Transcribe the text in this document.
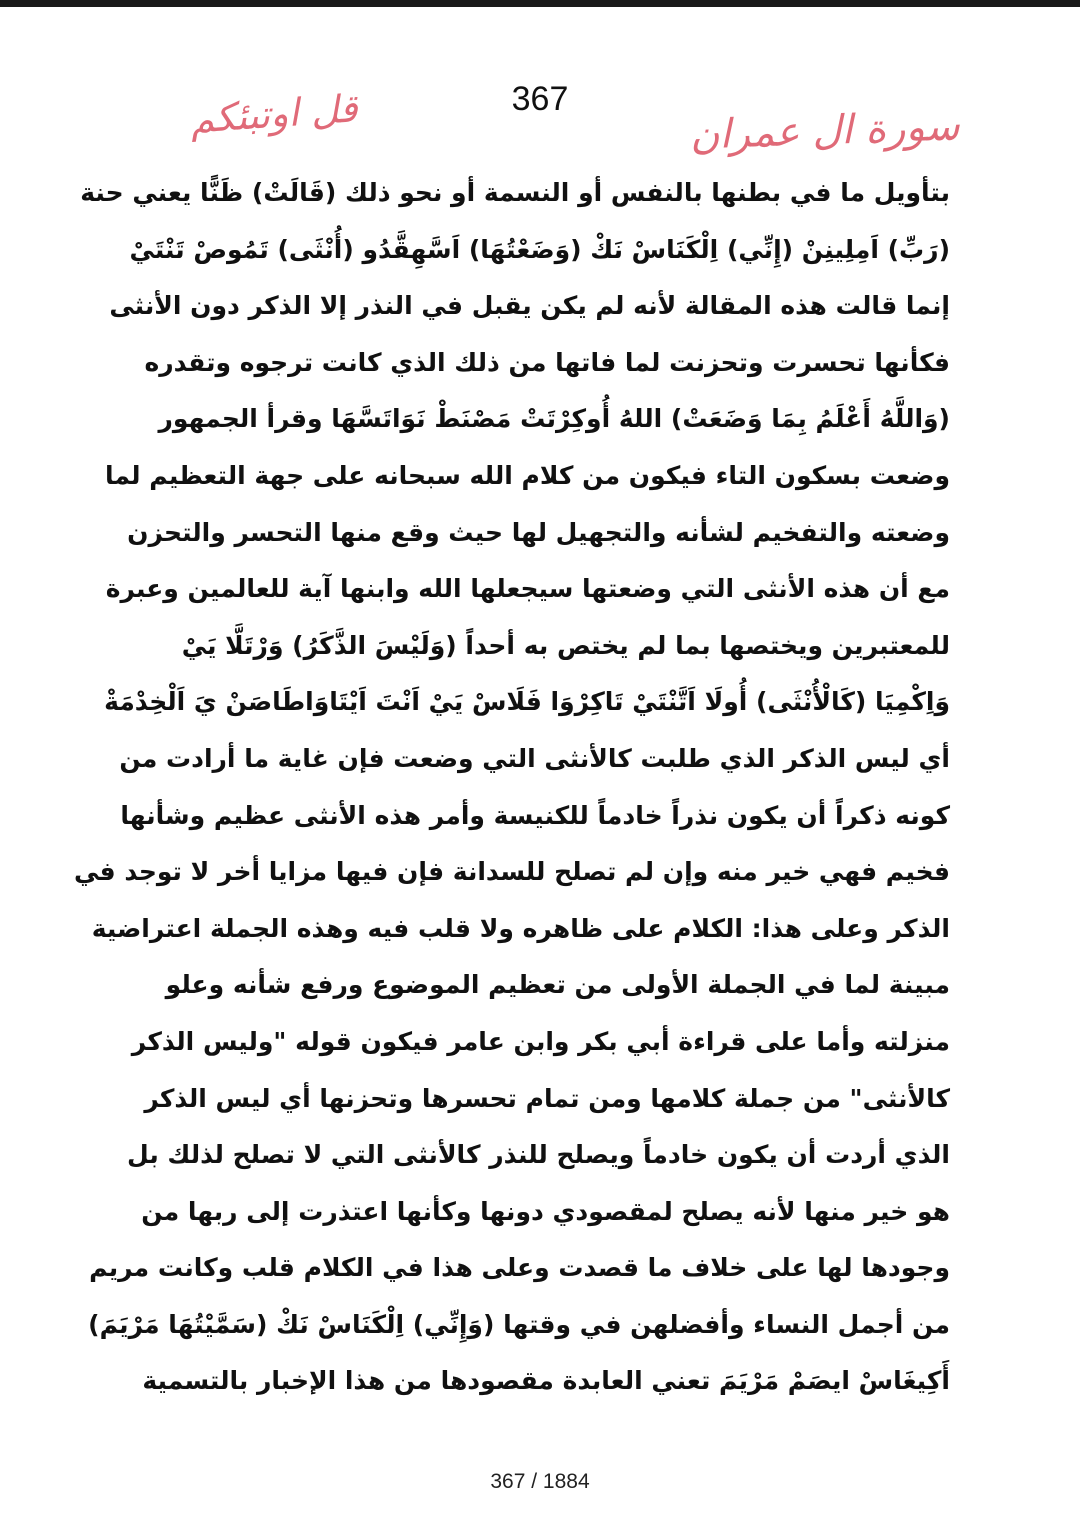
367
قل اوتبئكم	سورة ال عمران
بتأويل ما في بطنها بالنفس أو النسمة أو نحو ذلك (قَالَتْ) ظَنًّا يعني حنة
(رَبِّ) اَمِلِينِنْ (إِنِّي) اِلْكَنَاسْ نَكْ (وَضَعْتُهَا) اَسَّهِقَّدُو (أُنْثَى) تَمُوصْ تَنْتَيْ
إنما قالت هذه المقالة لأنه لم يكن يقبل في النذر إلا الذكر دون الأنثى
فكأنها تحسرت وتحزنت لما فاتها من ذلك الذي كانت ترجوه وتقدره
(وَاللَّهُ أَعْلَمُ بِمَا وَضَعَتْ) اللهُ أُوكِرْتَتْ مَصْنَطْ نَوَاتَسَّهَا وقرأ الجمهور
وضعت بسكون التاء فيكون من كلام الله سبحانه على جهة التعظيم لما
وضعته والتفخيم لشأنه والتجهيل لها حيث وقع منها التحسر والتحزن
مع أن هذه الأنثى التي وضعتها سيجعلها الله وابنها آية للعالمين وعبرة
للمعتبرين ويختصها بما لم يختص به أحداً (وَلَيْسَ الذَّكَرُ) وَرْتَلَّا يَيْ
وَاِكْمِيَا (كَالْأُنْثَى) أُولَا اَتَّنْتَيْ تَاكِرْوَا فَلَاسْ يَيْ اَنْتَ اَيْتَاوَاطَاصَنْ يَ اَلْخِدْمَةْ
أي ليس الذكر الذي طلبت كالأنثى التي وضعت فإن غاية ما أرادت من
كونه ذكراً أن يكون نذراً خادماً للكنيسة وأمر هذه الأنثى عظيم وشأنها
فخيم فهي خير منه وإن لم تصلح للسدانة فإن فيها مزايا أخر لا توجد في
الذكر وعلى هذا: الكلام على ظاهره ولا قلب فيه وهذه الجملة اعتراضية
مبينة لما في الجملة الأولى من تعظيم الموضوع ورفع شأنه وعلو
منزلته وأما على قراءة أبي بكر وابن عامر فيكون قوله "وليس الذكر
كالأنثى" من جملة كلامها ومن تمام تحسرها وتحزنها أي ليس الذكر
الذي أردت أن يكون خادماً ويصلح للنذر كالأنثى التي لا تصلح لذلك بل
هو خير منها لأنه يصلح لمقصودي دونها وكأنها اعتذرت إلى ربها من
وجودها لها على خلاف ما قصدت وعلى هذا في الكلام قلب وكانت مريم
من أجمل النساء وأفضلهن في وقتها (وَإِنِّي) اِلْكَنَاسْ نَكْ (سَمَّيْتُهَا مَرْيَمَ)
أَكِيغَاسْ ايصَمْ مَرْيَمَ تعني العابدة مقصودها من هذا الإخبار بالتسمية
367 / 1884
